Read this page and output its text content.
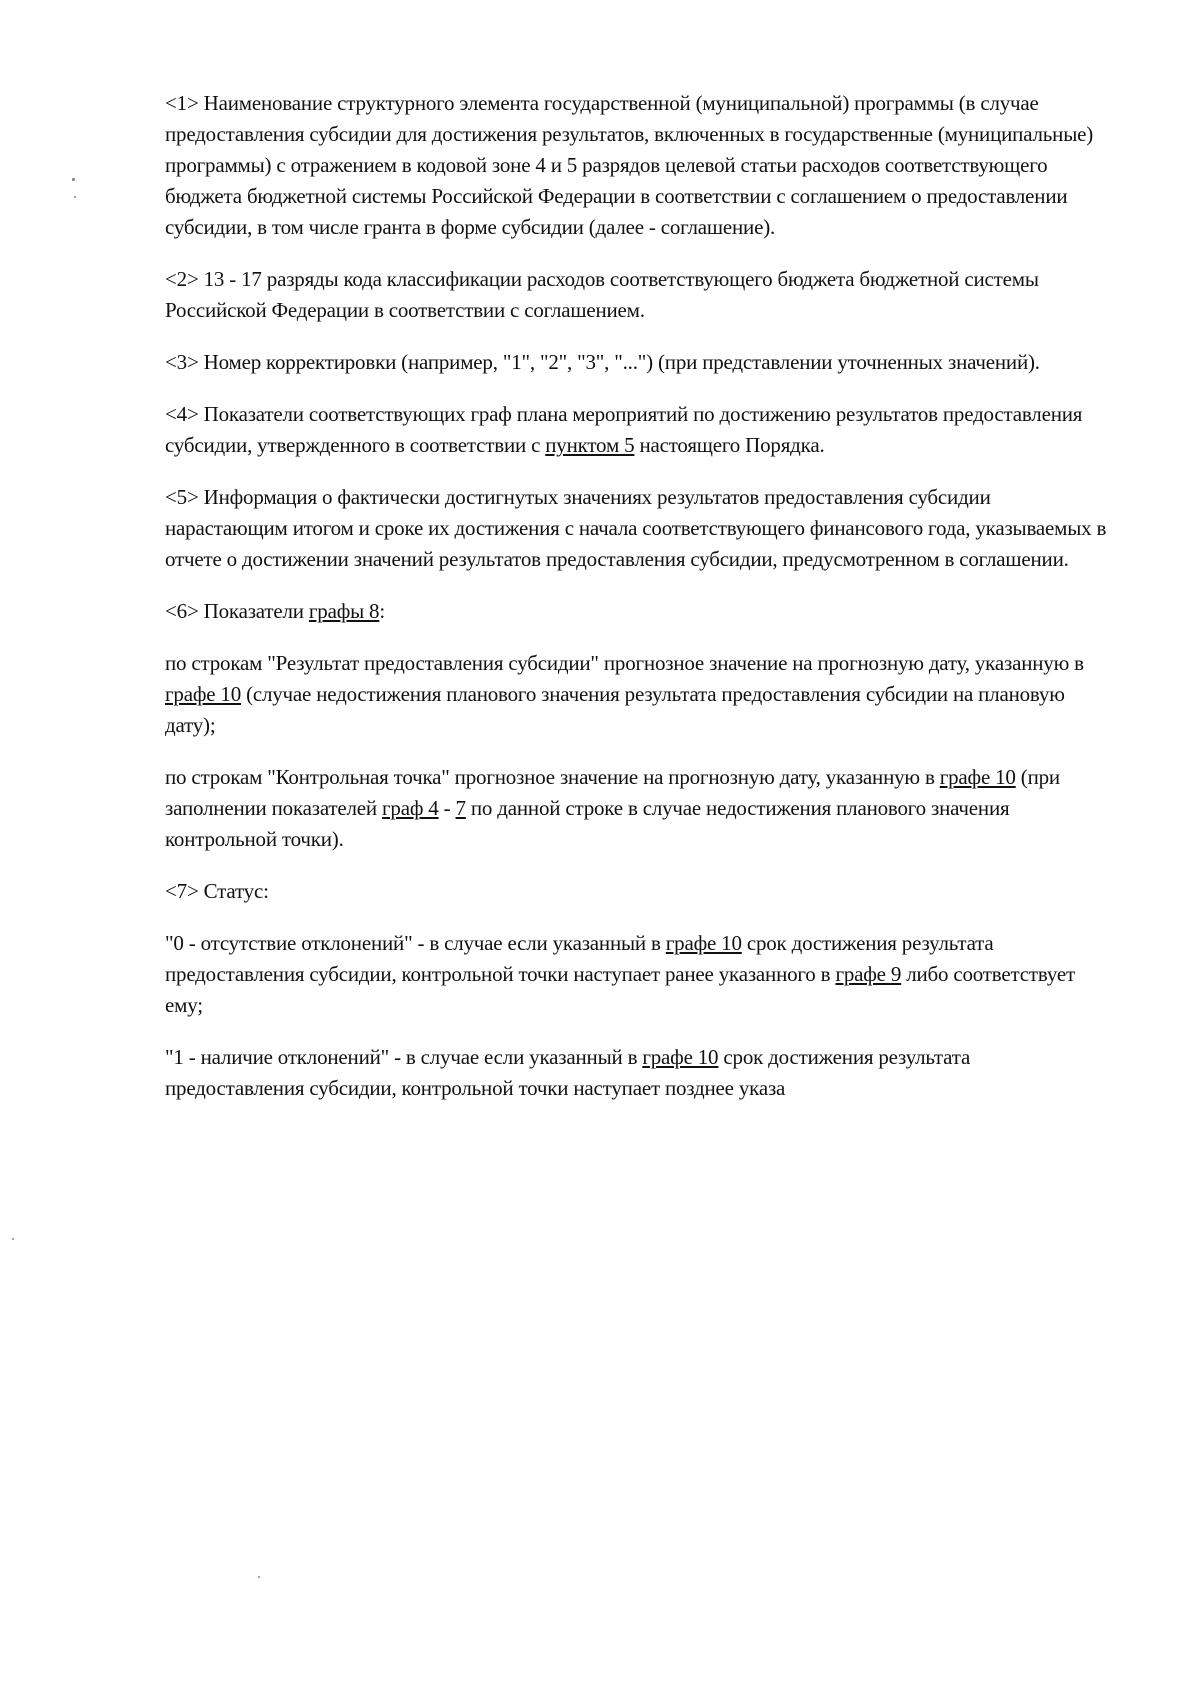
<1> Наименование структурного элемента государственной (муниципальной) программы (в случае предоставления субсидии для достижения результатов, включенных в государственные (муниципальные) программы) с отражением в кодовой зоне 4 и 5 разрядов целевой статьи расходов соответствующего бюджета бюджетной системы Российской Федерации в соответствии с соглашением о предоставлении субсидии, в том числе гранта в форме субсидии (далее - соглашение).

<2> 13 - 17 разряды кода классификации расходов соответствующего бюджета бюджетной системы Российской Федерации в соответствии с соглашением.

<3> Номер корректировки (например, "1", "2", "3", "...") (при представлении уточненных значений).

<4> Показатели соответствующих граф плана мероприятий по достижению результатов предоставления субсидии, утвержденного в соответствии с пунктом 5 настоящего Порядка.

<5> Информация о фактически достигнутых значениях результатов предоставления субсидии нарастающим итогом и сроке их достижения с начала соответствующего финансового года, указываемых в отчете о достижении значений результатов предоставления субсидии, предусмотренном в соглашении.

<6> Показатели графы 8:

по строкам "Результат предоставления субсидии" прогнозное значение на прогнозную дату, указанную в графе 10 (случае недостижения планового значения результата предоставления субсидии на плановую дату);

по строкам "Контрольная точка" прогнозное значение на прогнозную дату, указанную в графе 10 (при заполнении показателей граф 4 - 7 по данной строке в случае недостижения планового значения контрольной точки).

<7> Статус:

"0 - отсутствие отклонений" - в случае если указанный в графе 10 срок достижения результата предоставления субсидии, контрольной точки наступает ранее указанного в графе 9 либо соответствует ему;

"1 - наличие отклонений" - в случае если указанный в графе 10 срок достижения результата предоставления субсидии, контрольной точки наступает позднее указа
